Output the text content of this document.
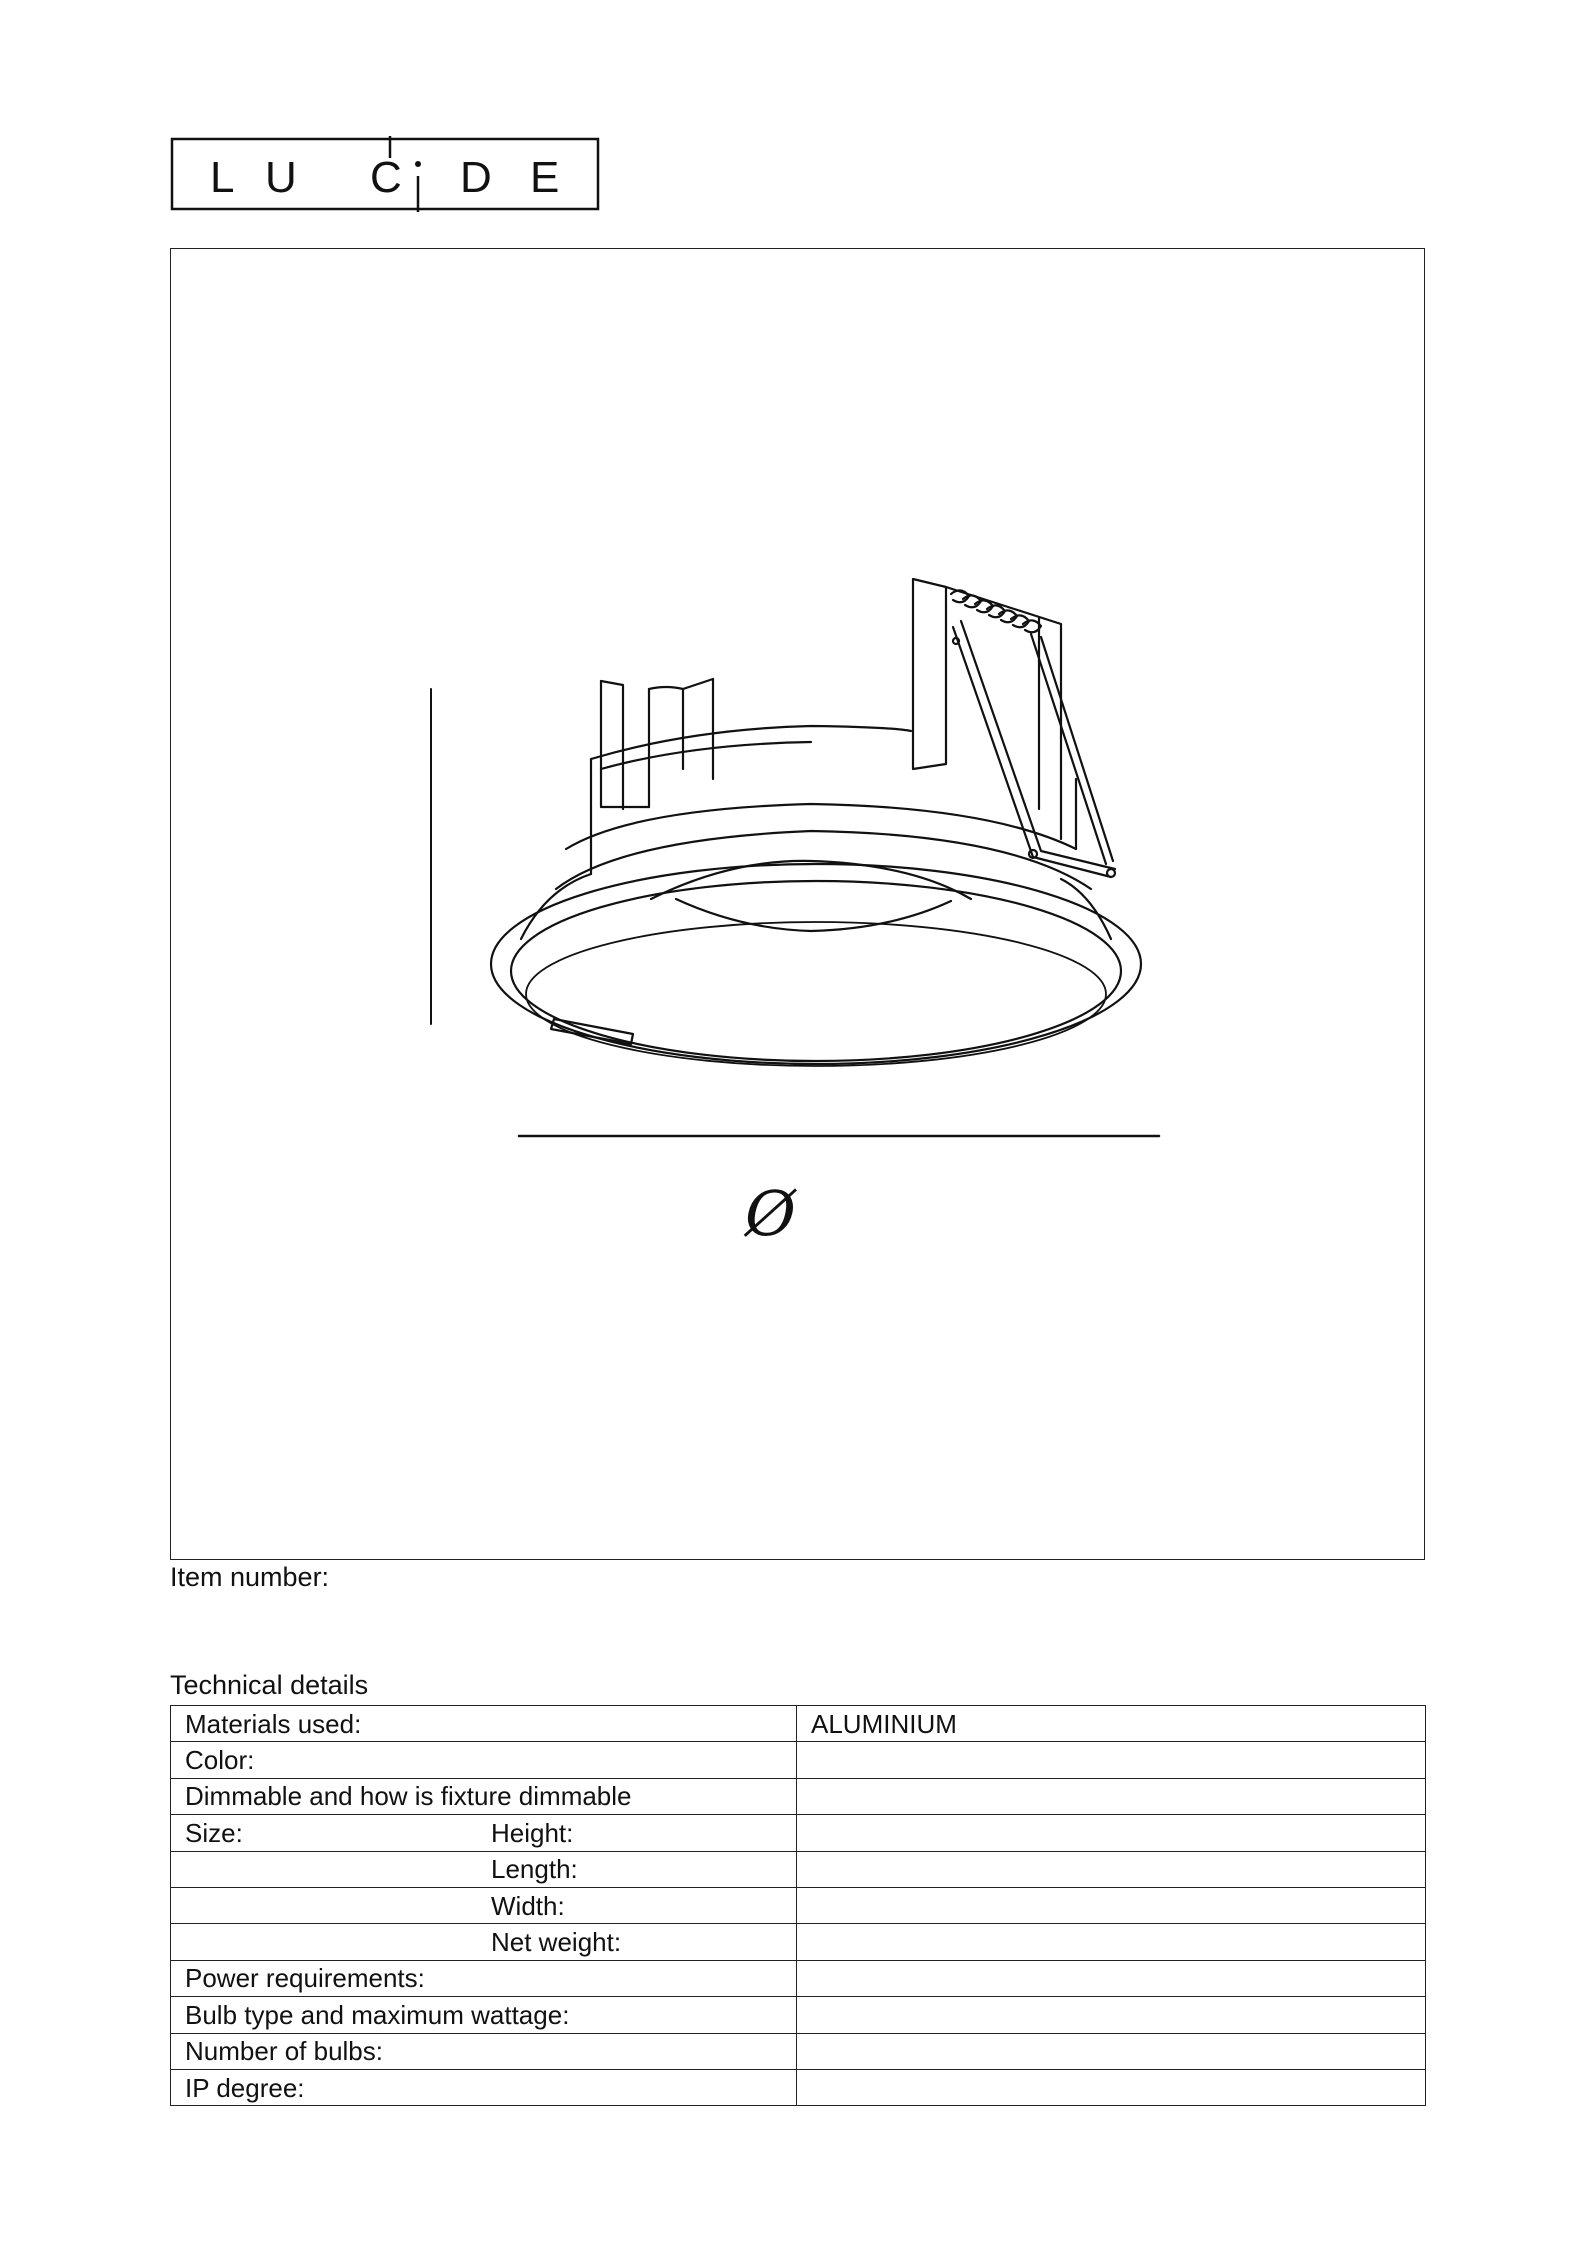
L U C D E
Ø
Item number:
Technical details
Materials used:	ALUMINIUM

Color:	

Dimmable and how is fixture dimmable	

Size: Height:	

Length:	

Width:	

Net weight:	

Power requirements:	

Bulb type and maximum wattage:	

Number of bulbs:	

IP degree:	
